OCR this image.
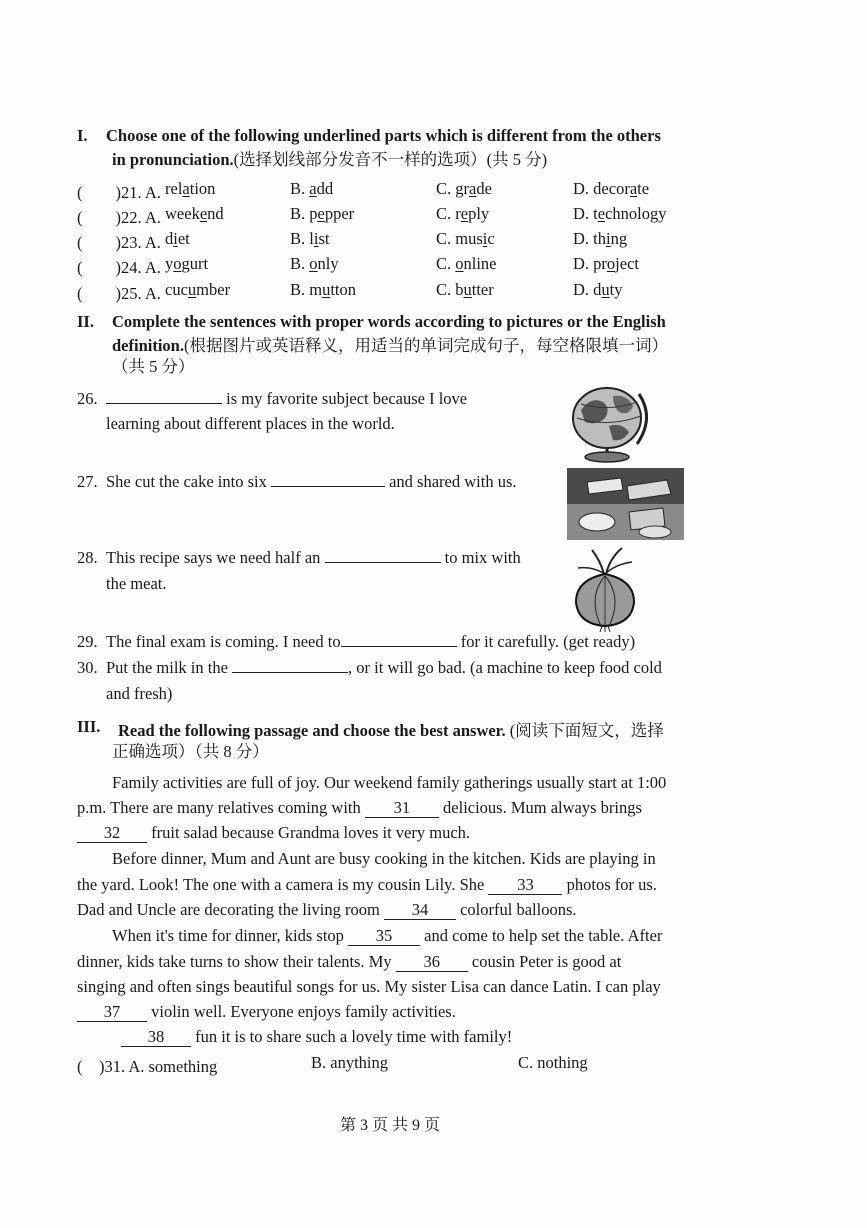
I. Choose one of the following underlined parts which is different from the others
in pronunciation.(选择划线部分发音不一样的选项）(共 5 分)
(　　)21. A. relation	B. add	C. grade	D. decorate
(　　)22. A. weekend	B. pepper	C. reply	D. technology
(　　)23. A. diet	B. list	C. music	D. thing
(　　)24. A. yogurt	B. only	C. online	D. project
(　　)25. A. cucumber	B. mutton	C. butter	D. duty
II. Complete the sentences with proper words according to pictures or the English
definition.(根据图片或英语释义，用适当的单词完成句子，每空格限填一词）
（共 5 分）
26.	is my favorite subject because I love
learning about different places in the world.
27. She cut the cake into six	and shared with us.
28. This recipe says we need half an	to mix with
the meat.
29. The final exam is coming. I need to	for it carefully. (get ready)
30. Put the milk in the	, or it will go bad. (a machine to keep food cold
and fresh)
III. Read the following passage and choose the best answer. (阅读下面短文，选择
正确选项）（共 8 分）
Family activities are full of joy. Our weekend family gatherings usually start at 1:00
p.m. There are many relatives coming with 31 delicious. Mum always brings
32 fruit salad because Grandma loves it very much.
Before dinner, Mum and Aunt are busy cooking in the kitchen. Kids are playing in
the yard. Look! The one with a camera is my cousin Lily. She 33 photos for us.
Dad and Uncle are decorating the living room 34 colorful balloons.
When it's time for dinner, kids stop 35 and come to help set the table. After
dinner, kids take turns to show their talents. My 36 cousin Peter is good at
singing and often sings beautiful songs for us. My sister Lisa can dance Latin. I can play
37 violin well. Everyone enjoys family activities.
38 fun it is to share such a lovely time with family!
(　)31. A. something	B. anything	C. nothing
第 3 页 共 9 页
